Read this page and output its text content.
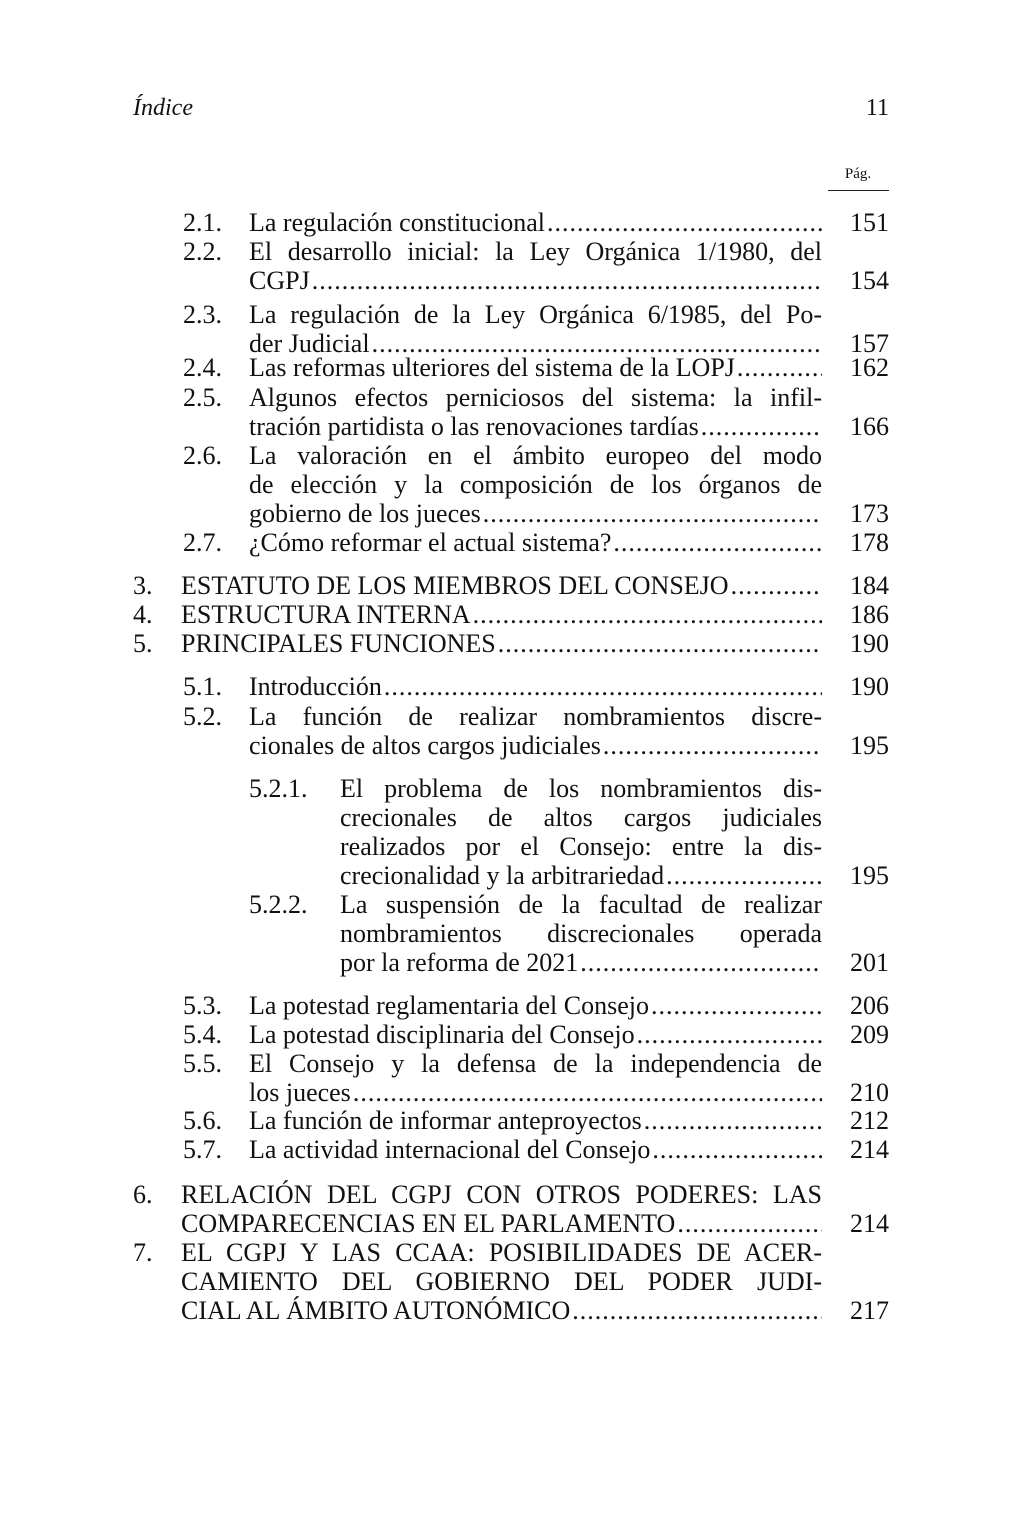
Índice	11
Pág.
2.1. La regulación constitucional .....	151
2.2. El desarrollo inicial: la Ley Orgánica 1/1980, del
CGPJ .....	154
2.3. La regulación de la Ley Orgánica 6/1985, del Po-
der Judicial .....	157
2.4. Las reformas ulteriores del sistema de la LOPJ .....	162
2.5. Algunos efectos perniciosos del sistema: la infil-
tración partidista o las renovaciones tardías .....	166
2.6. La valoración en el ámbito europeo del modo
de elección y la composición de los órganos de
gobierno de los jueces .....	173
2.7. ¿Cómo reformar el actual sistema? .....	178
3. ESTATUTO DE LOS MIEMBROS DEL CONSEJO .....	184
4. ESTRUCTURA INTERNA .....	186
5. PRINCIPALES FUNCIONES .....	190
5.1. Introducción .....	190
5.2. La función de realizar nombramientos discre-
cionales de altos cargos judiciales .....	195
5.2.1. El problema de los nombramientos dis-
crecionales de altos cargos judiciales
realizados por el Consejo: entre la dis-
crecionalidad y la arbitrariedad .....	195
5.2.2. La suspensión de la facultad de realizar
nombramientos discrecionales operada
por la reforma de 2021 .....	201
5.3. La potestad reglamentaria del Consejo .....	206
5.4. La potestad disciplinaria del Consejo .....	209
5.5. El Consejo y la defensa de la independencia de
los jueces .....	210
5.6. La función de informar anteproyectos .....	212
5.7. La actividad internacional del Consejo .....	214
6. RELACIÓN DEL CGPJ CON OTROS PODERES: LAS
COMPARECENCIAS EN EL PARLAMENTO .....	214
7. EL CGPJ Y LAS CCAA: POSIBILIDADES DE ACER-
CAMIENTO DEL GOBIERNO DEL PODER JUDI-
CIAL AL ÁMBITO AUTONÓMICO .....	217
